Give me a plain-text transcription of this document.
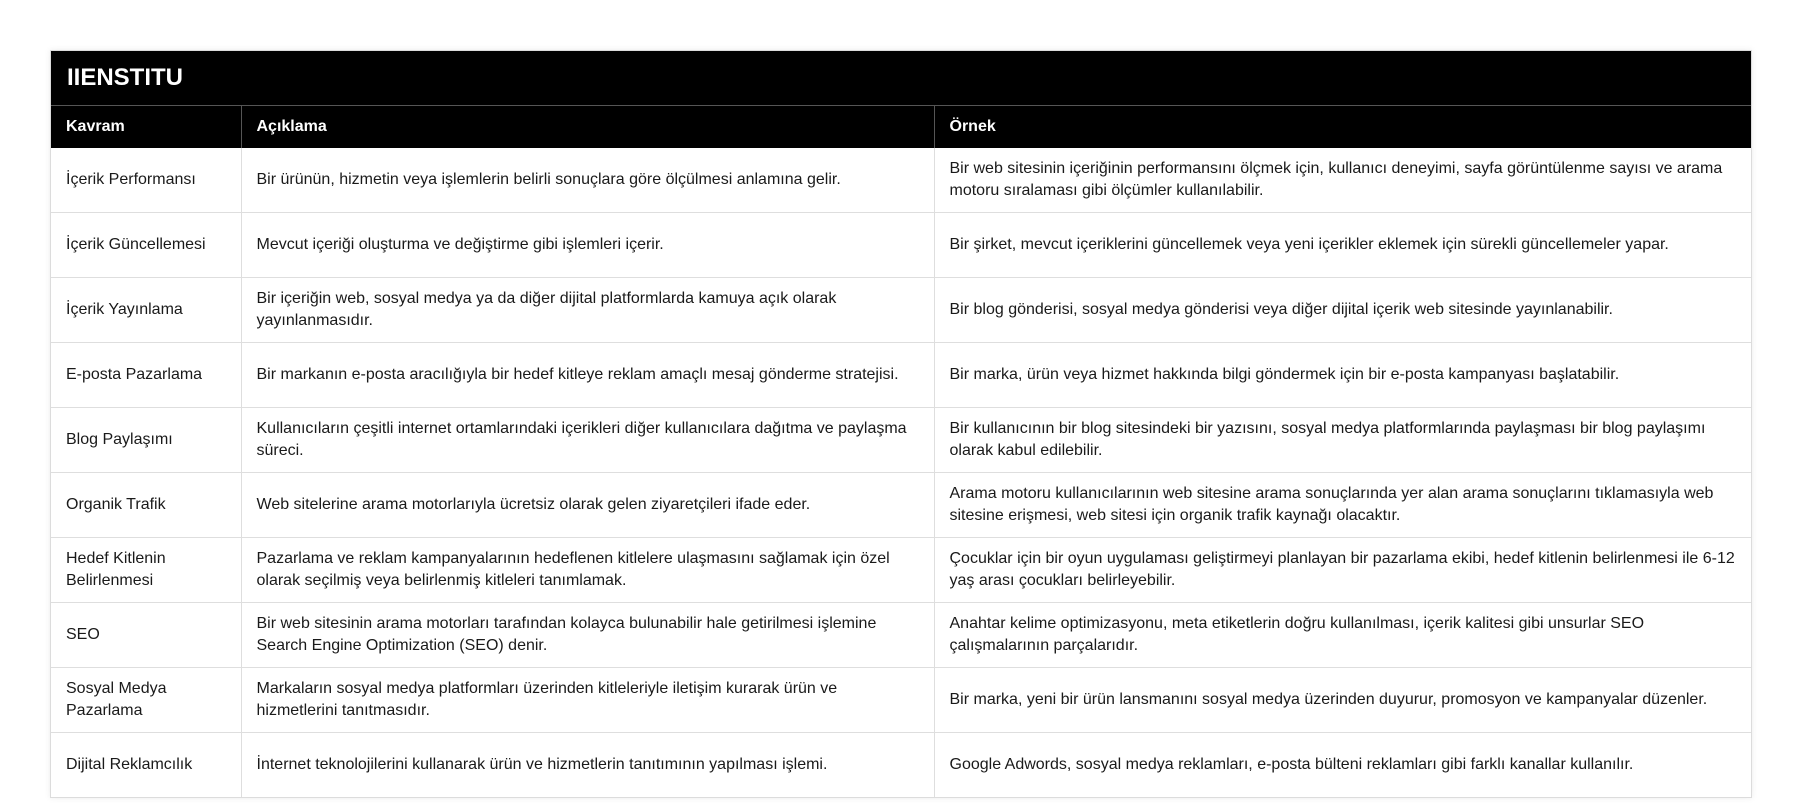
IIENSTITU
Kavram	Açıklama	Örnek
İçerik Performansı	Bir ürünün, hizmetin veya işlemlerin belirli sonuçlara göre ölçülmesi anlamına gelir.	Bir web sitesinin içeriğinin performansını ölçmek için, kullanıcı deneyimi, sayfa görüntülenme sayısı ve arama motoru sıralaması gibi ölçümler kullanılabilir.
İçerik Güncellemesi	Mevcut içeriği oluşturma ve değiştirme gibi işlemleri içerir.	Bir şirket, mevcut içeriklerini güncellemek veya yeni içerikler eklemek için sürekli güncellemeler yapar.
İçerik Yayınlama	Bir içeriğin web, sosyal medya ya da diğer dijital platformlarda kamuya açık olarak yayınlanmasıdır.	Bir blog gönderisi, sosyal medya gönderisi veya diğer dijital içerik web sitesinde yayınlanabilir.
E-posta Pazarlama	Bir markanın e-posta aracılığıyla bir hedef kitleye reklam amaçlı mesaj gönderme stratejisi.	Bir marka, ürün veya hizmet hakkında bilgi göndermek için bir e-posta kampanyası başlatabilir.
Blog Paylaşımı	Kullanıcıların çeşitli internet ortamlarındaki içerikleri diğer kullanıcılara dağıtma ve paylaşma süreci.	Bir kullanıcının bir blog sitesindeki bir yazısını, sosyal medya platformlarında paylaşması bir blog paylaşımı olarak kabul edilebilir.
Organik Trafik	Web sitelerine arama motorlarıyla ücretsiz olarak gelen ziyaretçileri ifade eder.	Arama motoru kullanıcılarının web sitesine arama sonuçlarında yer alan arama sonuçlarını tıklamasıyla web sitesine erişmesi, web sitesi için organik trafik kaynağı olacaktır.
Hedef Kitlenin Belirlenmesi	Pazarlama ve reklam kampanyalarının hedeflenen kitlelere ulaşmasını sağlamak için özel olarak seçilmiş veya belirlenmiş kitleleri tanımlamak.	Çocuklar için bir oyun uygulaması geliştirmeyi planlayan bir pazarlama ekibi, hedef kitlenin belirlenmesi ile 6-12 yaş arası çocukları belirleyebilir.
SEO	Bir web sitesinin arama motorları tarafından kolayca bulunabilir hale getirilmesi işlemine Search Engine Optimization (SEO) denir.	Anahtar kelime optimizasyonu, meta etiketlerin doğru kullanılması, içerik kalitesi gibi unsurlar SEO çalışmalarının parçalarıdır.
Sosyal Medya Pazarlama	Markaların sosyal medya platformları üzerinden kitleleriyle iletişim kurarak ürün ve hizmetlerini tanıtmasıdır.	Bir marka, yeni bir ürün lansmanını sosyal medya üzerinden duyurur, promosyon ve kampanyalar düzenler.
Dijital Reklamcılık	İnternet teknolojilerini kullanarak ürün ve hizmetlerin tanıtımının yapılması işlemi.	Google Adwords, sosyal medya reklamları, e-posta bülteni reklamları gibi farklı kanallar kullanılır.
